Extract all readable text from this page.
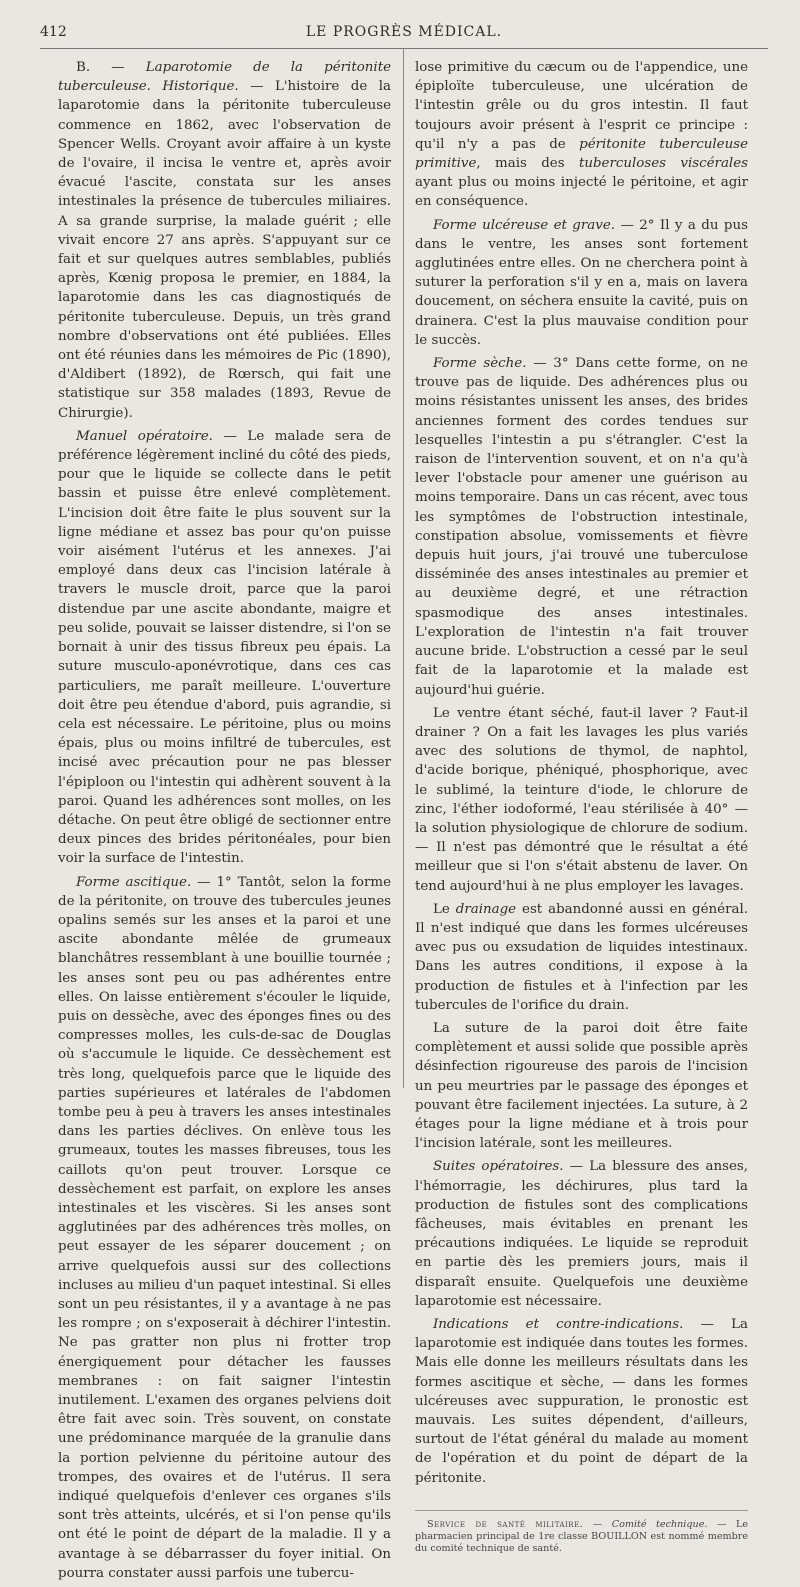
412	LE PROGRÈS MÉDICAL.

B. — Laparotomie de la péritonite tuberculeuse. Historique. — L'histoire de la laparotomie dans la péritonite tuberculeuse commence en 1862, avec l'observation de Spencer Wells. Croyant avoir affaire à un kyste de l'ovaire, il incisa le ventre et, après avoir évacué l'ascite, constata sur les anses intestinales la présence de tubercules miliaires. A sa grande surprise, la malade guérit ; elle vivait encore 27 ans après. S'appuyant sur ce fait et sur quelques autres semblables, publiés après, Kœnig proposa le premier, en 1884, la laparotomie dans les cas diagnostiqués de péritonite tuberculeuse. Depuis, un très grand nombre d'observations ont été publiées. Elles ont été réunies dans les mémoires de Pic (1890), d'Aldibert (1892), de Rœrsch, qui fait une statistique sur 358 malades (1893, Revue de Chirurgie).

Manuel opératoire. — Le malade sera de préférence légèrement incliné du côté des pieds, pour que le liquide se collecte dans le petit bassin et puisse être enlevé complètement. L'incision doit être faite le plus souvent sur la ligne médiane et assez bas pour qu'on puisse voir aisément l'utérus et les annexes. J'ai employé dans deux cas l'incision latérale à travers le muscle droit, parce que la paroi distendue par une ascite abondante, maigre et peu solide, pouvait se laisser distendre, si l'on se bornait à unir des tissus fibreux peu épais. La suture musculo-aponévrotique, dans ces cas particuliers, me paraît meilleure. L'ouverture doit être peu étendue d'abord, puis agrandie, si cela est nécessaire. Le péritoine, plus ou moins épais, plus ou moins infiltré de tubercules, est incisé avec précaution pour ne pas blesser l'épiploon ou l'intestin qui adhèrent souvent à la paroi. Quand les adhérences sont molles, on les détache. On peut être obligé de sectionner entre deux pinces des brides péritonéales, pour bien voir la surface de l'intestin.

Forme ascitique. — 1° Tantôt, selon la forme de la péritonite, on trouve des tubercules jeunes opalins semés sur les anses et la paroi et une ascite abondante mêlée de grumeaux blanchâtres ressemblant à une bouillie tournée ; les anses sont peu ou pas adhérentes entre elles. On laisse entièrement s'écouler le liquide, puis on dessèche, avec des éponges fines ou des compresses molles, les culs-de-sac de Douglas où s'accumule le liquide. Ce dessèchement est très long, quelquefois parce que le liquide des parties supérieures et latérales de l'abdomen tombe peu à peu à travers les anses intestinales dans les parties déclives. On enlève tous les grumeaux, toutes les masses fibreuses, tous les caillots qu'on peut trouver. Lorsque ce dessèchement est parfait, on explore les anses intestinales et les viscères. Si les anses sont agglutinées par des adhérences très molles, on peut essayer de les séparer doucement ; on arrive quelquefois aussi sur des collections incluses au milieu d'un paquet intestinal. Si elles sont un peu résistantes, il y a avantage à ne pas les rompre ; on s'exposerait à déchirer l'intestin. Ne pas gratter non plus ni frotter trop énergiquement pour détacher les fausses membranes : on fait saigner l'intestin inutilement. L'examen des organes pelviens doit être fait avec soin. Très souvent, on constate une prédominance marquée de la granulie dans la portion pelvienne du péritoine autour des trompes, des ovaires et de l'utérus. Il sera indiqué quelquefois d'enlever ces organes s'ils sont très atteints, ulcérés, et si l'on pense qu'ils ont été le point de départ de la maladie. Il y a avantage à se débarrasser du foyer initial. On pourra constater aussi parfois une tubercu-

lose primitive du cæcum ou de l'appendice, une épiploïte tuberculeuse, une ulcération de l'intestin grêle ou du gros intestin. Il faut toujours avoir présent à l'esprit ce principe : qu'il n'y a pas de péritonite tuberculeuse primitive, mais des tuberculoses viscérales ayant plus ou moins injecté le péritoine, et agir en conséquence.

Forme ulcéreuse et grave. — 2° Il y a du pus dans le ventre, les anses sont fortement agglutinées entre elles. On ne cherchera point à suturer la perforation s'il y en a, mais on lavera doucement, on séchera ensuite la cavité, puis on drainera. C'est la plus mauvaise condition pour le succès.

Forme sèche. — 3° Dans cette forme, on ne trouve pas de liquide. Des adhérences plus ou moins résistantes unissent les anses, des brides anciennes forment des cordes tendues sur lesquelles l'intestin a pu s'étrangler. C'est la raison de l'intervention souvent, et on n'a qu'à lever l'obstacle pour amener une guérison au moins temporaire. Dans un cas récent, avec tous les symptômes de l'obstruction intestinale, constipation absolue, vomissements et fièvre depuis huit jours, j'ai trouvé une tuberculose disséminée des anses intestinales au premier et au deuxième degré, et une rétraction spasmodique des anses intestinales. L'exploration de l'intestin n'a fait trouver aucune bride. L'obstruction a cessé par le seul fait de la laparotomie et la malade est aujourd'hui guérie.

Le ventre étant séché, faut-il laver ? Faut-il drainer ? On a fait les lavages les plus variés avec des solutions de thymol, de naphtol, d'acide borique, phéniqué, phosphorique, avec le sublimé, la teinture d'iode, le chlorure de zinc, l'éther iodoformé, l'eau stérilisée à 40° — la solution physiologique de chlorure de sodium. — Il n'est pas démontré que le résultat a été meilleur que si l'on s'était abstenu de laver. On tend aujourd'hui à ne plus employer les lavages.

Le drainage est abandonné aussi en général. Il n'est indiqué que dans les formes ulcéreuses avec pus ou exsudation de liquides intestinaux. Dans les autres conditions, il expose à la production de fistules et à l'infection par les tubercules de l'orifice du drain.

La suture de la paroi doit être faite complètement et aussi solide que possible après désinfection rigoureuse des parois de l'incision un peu meurtries par le passage des éponges et pouvant être facilement injectées. La suture, à 2 étages pour la ligne médiane et à trois pour l'incision latérale, sont les meilleures.

Suites opératoires. — La blessure des anses, l'hémorragie, les déchirures, plus tard la production de fistules sont des complications fâcheuses, mais évitables en prenant les précautions indiquées. Le liquide se reproduit en partie dès les premiers jours, mais il disparaît ensuite. Quelquefois une deuxième laparotomie est nécessaire.

Indications et contre-indications. — La laparotomie est indiquée dans toutes les formes. Mais elle donne les meilleurs résultats dans les formes ascitique et sèche, — dans les formes ulcéreuses avec suppuration, le pronostic est mauvais. Les suites dépendent, d'ailleurs, surtout de l'état général du malade au moment de l'opération et du point de départ de la péritonite.

Service de santé militaire. — Comité technique. — Le pharmacien principal de 1re classe BOUILLON est nommé membre du comité technique de santé.
